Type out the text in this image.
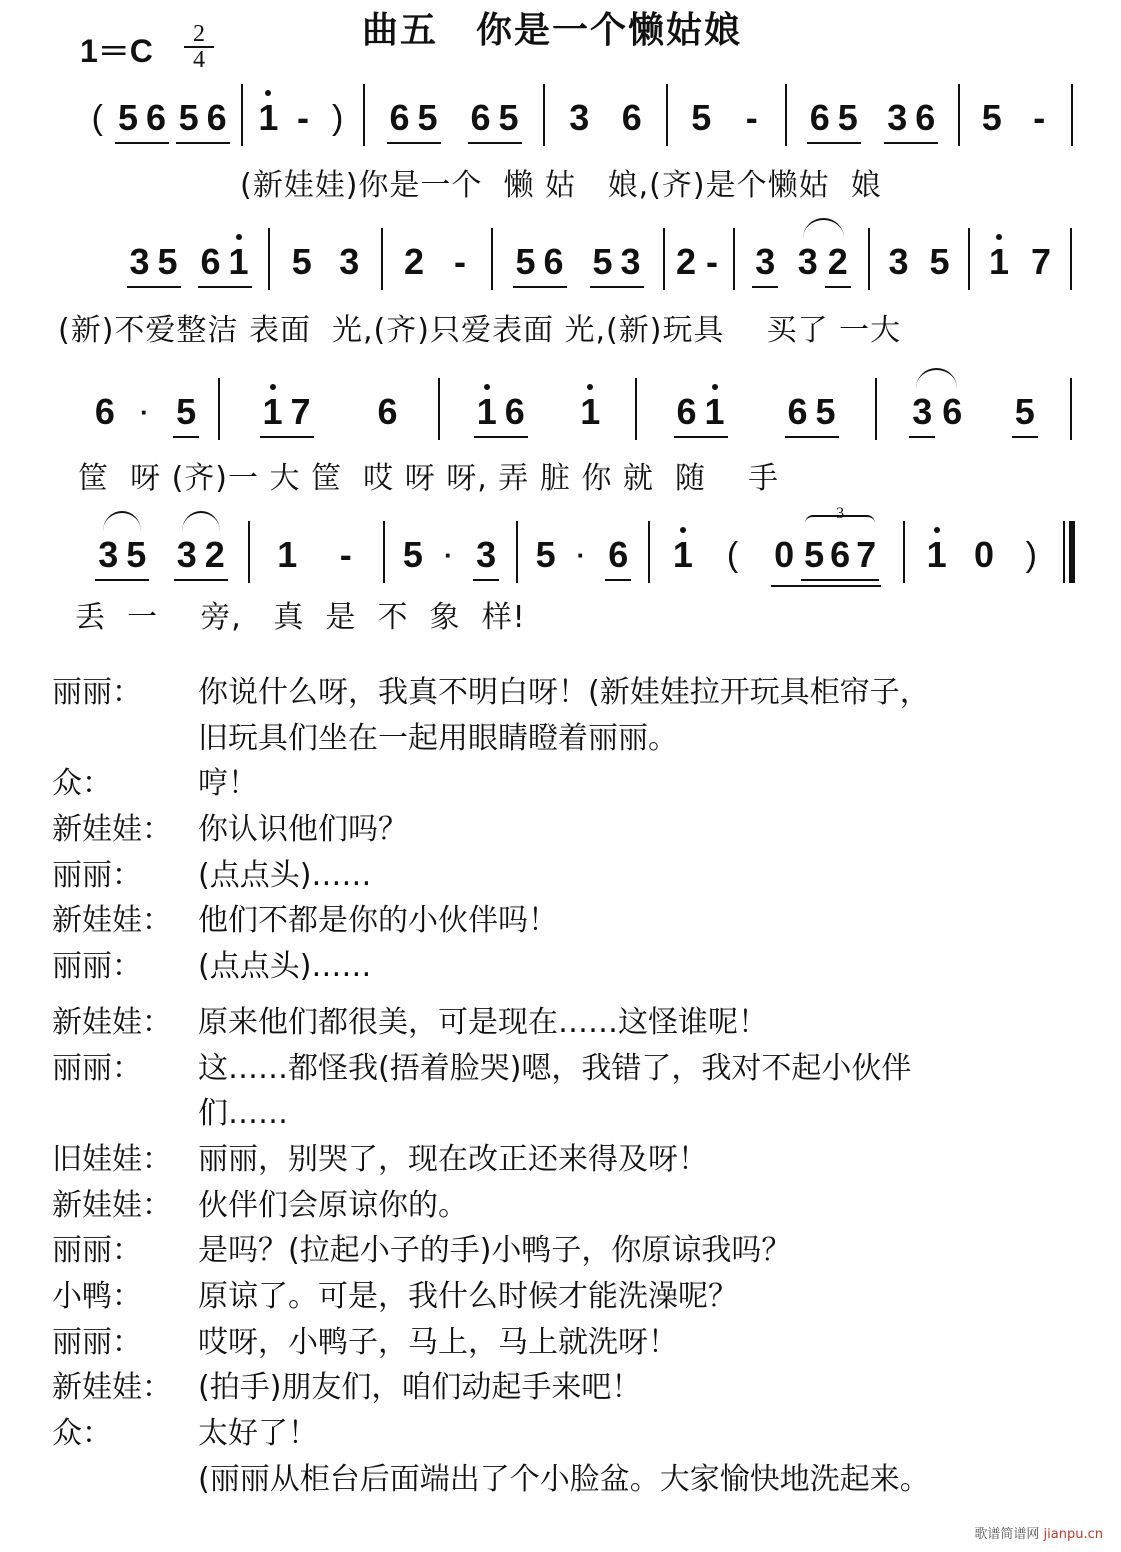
曲五　你是一个懒姑娘
1＝C	2
4
( 5 6 5 6 1 - ) 6 5 6 5 3 6 5 - 6 5 3 6 5 -
(新娃娃)你是一个  懒 姑   娘,(齐)是个懒姑  娘
3 5 6 1 5 3 2 - 5 6 5 3 2 - 3 3 2 3 5 1 7
(新)不爱整洁 表面  光,(齐)只爱表面 光,(新)玩具    买了 一大
6 · 5 1 7 6 1 6 1 6 1 6 5 3 6 5
筐  呀 (齐)一 大 筐  哎 呀 呀, 弄 脏 你 就  随    手
3 5 3 2 1 - 5 · 3 5 · 6 1 ( 0
3
5 6 7 1 0 )
丢  一    旁,   真  是  不  象  样!
丽丽：	你说什么呀，我真不明白呀！(新娃娃拉开玩具柜帘子，
旧玩具们坐在一起用眼睛瞪着丽丽。
众：	哼！
新娃娃： 你认识他们吗？
丽丽：	(点点头)……
新娃娃： 他们不都是你的小伙伴吗！
丽丽：	(点点头)……
新娃娃： 原来他们都很美，可是现在……这怪谁呢！
丽丽：	这……都怪我(捂着脸哭)嗯，我错了，我对不起小伙伴
们……
旧娃娃： 丽丽，别哭了，现在改正还来得及呀！
新娃娃： 伙伴们会原谅你的。
丽丽：	是吗？(拉起小子的手)小鸭子，你原谅我吗？
小鸭：	原谅了。可是，我什么时候才能洗澡呢？
丽丽：	哎呀，小鸭子，马上，马上就洗呀！
新娃娃： (拍手)朋友们，咱们动起手来吧！
众：	太好了！
(丽丽从柜台后面端出了个小脸盆。大家愉快地洗起来。
歌谱简谱网 jianpu.cn
